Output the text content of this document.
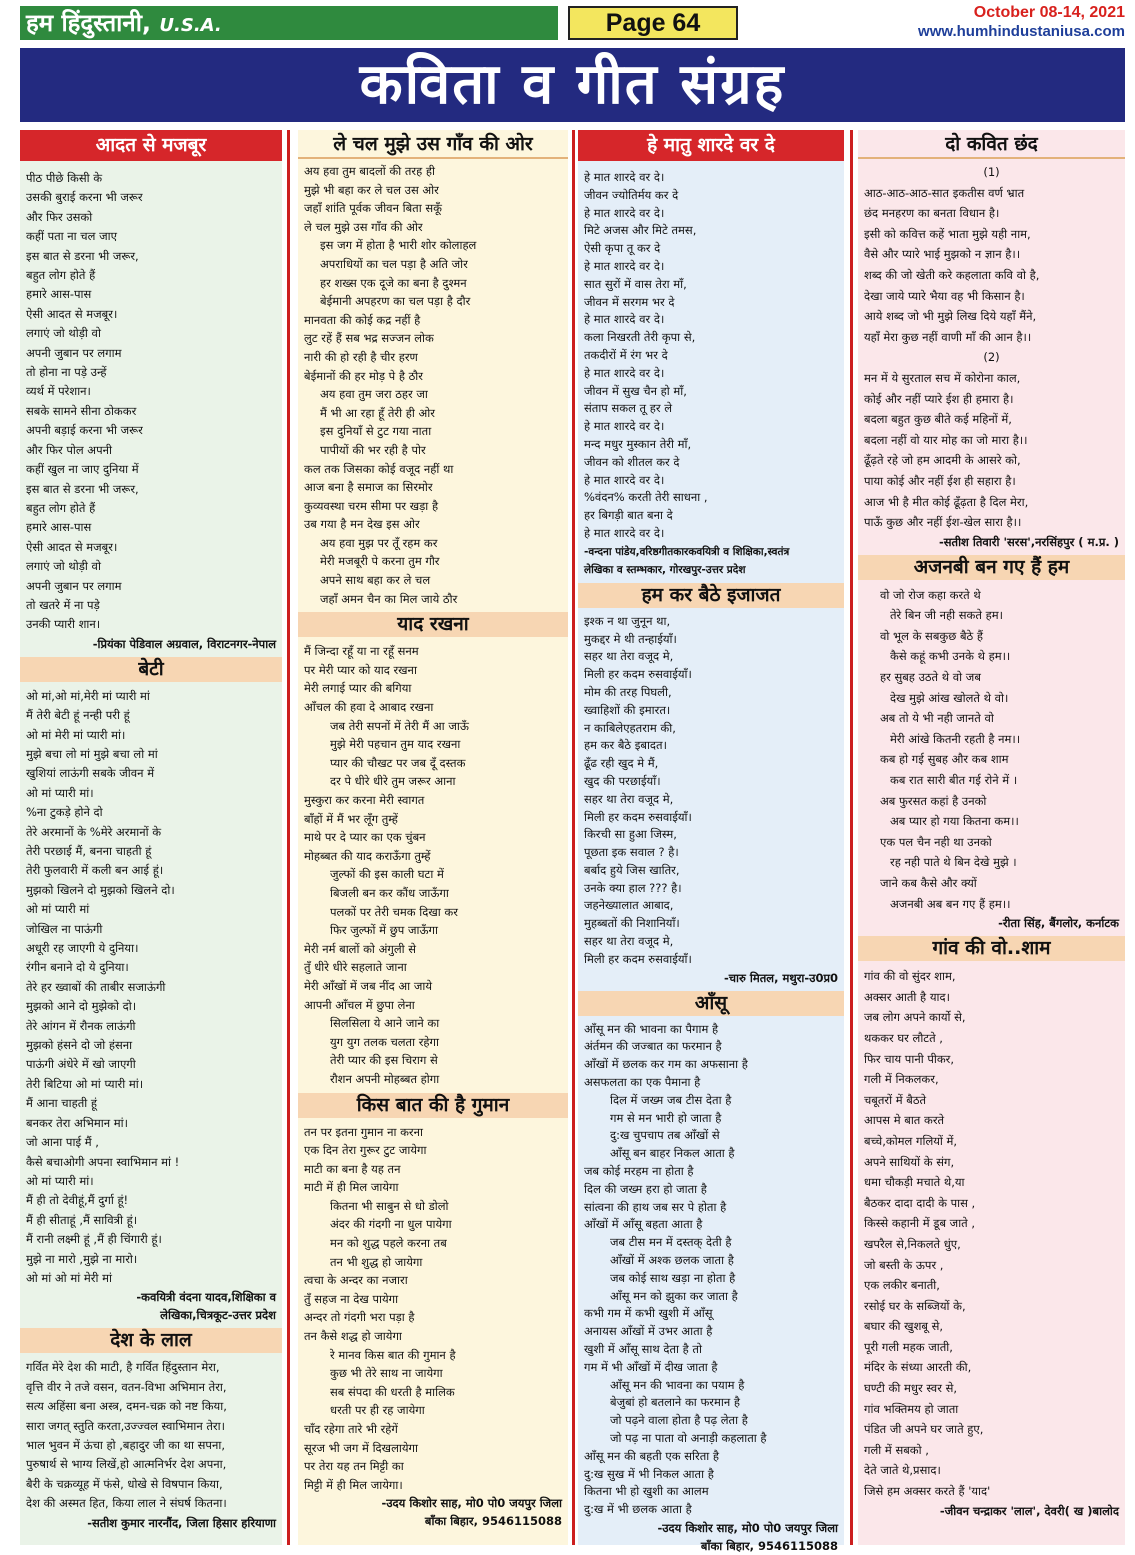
हम हिंदुस्तानी, U.S.A.	Page 64	October 08-14, 2021
www.humhindustaniusa.com
कविता व गीत संग्रह
आदत से मजबूर
पीठ पीछे किसी के
उसकी बुराई करना भी जरूर
और फिर उसको
कहीं पता ना चल जाए
इस बात से डरना भी जरूर,
बहुत लोग होते हैं
हमारे आस-पास
ऐसी आदत से मजबूर।
लगाएं जो थोड़ी वो
अपनी जुबान पर लगाम
तो होना ना पड़े उन्हें
व्यर्थ में परेशान।
सबके सामने सीना ठोककर
अपनी बड़ाई करना भी जरूर
और फिर पोल अपनी
कहीं खुल ना जाए दुनिया में
इस बात से डरना भी जरूर,
बहुत लोग होते हैं
हमारे आस-पास
ऐसी आदत से मजबूर।
लगाएं जो थोड़ी वो
अपनी जुबान पर लगाम
तो खतरे में ना पड़े
उनकी प्यारी शान।
-प्रियंका पेडिवाल अग्रवाल, विराटनगर-नेपाल
बेटी
ओ मां,ओ मां,मेरी मां प्यारी मां
मैं तेरी बेटी हूं नन्ही परी हूं
ओ मां मेरी मां प्यारी मां।
मुझे बचा लो मां मुझे बचा लो मां
खुशियां लाऊंगी सबके जीवन में
ओ मां प्यारी मां।
%ना टुकड़े होने दो
तेरे अरमानों के %मेरे अरमानों के
तेरी परछाई मैं, बनना चाहती हूं
तेरी फुलवारी में कली बन आई हूं।
मुझको खिलने दो मुझको खिलने दो।
ओ मां प्यारी मां
जोखिल ना पाऊंगी
अधूरी रह जाएगी ये दुनिया।
रंगीन बनाने दो ये दुनिया।
तेरे हर ख्वाबों की ताबीर सजाऊंगी
मुझको आने दो मुझेको दो।
तेरे आंगन में रौनक लाऊंगी
मुझको हंसने दो जो हंसना
पाऊंगी अंधेरे में खो जाएगी
तेरी बिटिया ओ मां प्यारी मां।
मैं आना चाहती हूं
बनकर तेरा अभिमान मां।
जो आना पाई मैं ,
कैसे बचाओगी अपना स्वाभिमान मां !
ओ मां प्यारी मां।
मैं ही तो देवीहूं,मैं दुर्गा हूं!
मैं ही सीताहूं ,मैं सावित्री हूं।
मैं रानी लक्ष्मी हूं ,मैं ही चिंगारी हूं।
मुझे ना मारो ,मुझे ना मारो।
ओ मां ओ मां मेरी मां
-कवयित्री वंदना यादव,शिक्षिका व
लेखिका,चित्रकूट-उत्तर प्रदेश
देश के लाल
गर्वित मेरे देश की माटी, है गर्वित हिंदुस्तान मेरा,
वृत्ति वीर ने तजे वसन, वतन-विभा अभिमान तेरा,
सत्य अहिंसा बना अस्त्र, दमन-चक्र को नष्ट किया,
सारा जगत् स्तुति करता,उज्ज्वल स्वाभिमान तेरा।
भाल भुवन में ऊंचा हो ,बहादुर जी का था सपना,
पुरुषार्थ से भाग्य लिखें,हो आत्मनिर्भर देश अपना,
बैरी के चक्रव्यूह में फंसे, धोखे से विषपान किया,
देश की अस्मत हित, किया लाल ने संघर्ष कितना।
-सतीश कुमार नारनौंद, जिला हिसार हरियाणा
ले चल मुझे उस गाँव की ओर
अय हवा तुम बादलों की तरह ही
मुझे भी बहा कर ले चल उस ओर
जहाँ शांति पूर्वक जीवन बिता सकूँ
ले चल मुझे उस गाँव की ओर
इस जग में होता है भारी शोर कोलाहल
अपराधियों का चल पड़ा है अति जोर
हर शख्स एक दूजे का बना है दुश्मन
बेईमानी अपहरण का चल पड़ा है दौर
मानवता की कोई कद्र नहीं है
लुट रहें हैं सब भद्र सज्जन लोक
नारी की हो रही है चीर हरण
बेईमानों की हर मोड़ पे है ठौर
अय हवा तुम जरा ठहर जा
मैं भी आ रहा हूँ तेरी ही ओर
इस दुनियाँ से टुट गया नाता
पापीयों की भर रही है पोर
कल तक जिसका कोई वजूद नहीं था
आज बना है समाज का सिरमोर
कुव्यवस्था चरम सीमा पर खड़ा है
उब गया है मन देख इस ओर
अय हवा मुझ पर तूँ रहम कर
मेरी मजबूरी पे करना तुम गौर
अपने साथ बहा कर ले चल
जहाँ अमन चैन का मिल जाये ठौर
याद रखना
मैं जिन्दा रहूँ या ना रहूँ सनम
पर मेरी प्यार को याद रखना
मेरी लगाई प्यार की बगिया
आँचल की हवा दे आबाद रखना
जब तेरी सपनों में तेरी मैं आ जाऊँ
मुझे मेरी पहचान तुम याद रखना
प्यार की चौखट पर जब दूँ दस्तक
दर पे धीरे धीरे तुम जरूर आना
मुस्कुरा कर करना मेरी स्वागत
बाँहों में मैं भर लूँग तुम्हें
माथे पर दे प्यार का एक चुंबन
मोहब्बत की याद कराऊँगा तुम्हें
जुल्फों की इस काली घटा में
बिजली बन कर कौंध जाऊँगा
पलकों पर तेरी चमक दिखा कर
फिर जुल्फों में छुप जाऊँगा
मेरी नर्म बालों को अंगुली से
तुँ धीरे धीरे सहलाते जाना
मेरी आँखों में जब नींद आ जाये
आपनी आँचल में छुपा लेना
सिलसिला ये आने जाने का
युग युग तलक चलता रहेगा
तेरी प्यार की इस चिराग से
रौशन अपनी मोहब्बत होगा
किस बात की है गुमान
तन पर इतना गुमान ना करना
एक दिन तेरा गुरूर टुट जायेगा
माटी का बना है यह तन
माटी में ही मिल जायेगा
कितना भी साबुन से धो डोलो
अंदर की गंदगी ना धुल पायेगा
मन को शुद्ध पहले करना तब
तन भी शुद्ध हो जायेगा
त्वचा के अन्दर का नजारा
तुँ सहज ना देख पायेगा
अन्दर तो गंदगी भरा पड़ा है
तन कैसे शद्ध हो जायेगा
रे मानव किस बात की गुमान है
कुछ भी तेरे साथ ना जायेगा
सब संपदा की धरती है मालिक
धरती पर ही रह जायेगा
चाँद रहेगा तारे भी रहेगें
सूरज भी जग में दिखलायेगा
पर तेरा यह तन मिट्टी का
मिट्टी में ही मिल जायेगा।
-उदय किशोर साह, मो0 पो0 जयपुर जिला
बाँका बिहार, 9546115088
हे मातु शारदे वर दे
हे मात शारदे वर दे।
जीवन ज्योतिर्मय कर दे
हे मात शारदे वर दे।
मिटे अजस और मिटे तमस,
ऐसी कृपा तू कर दे
हे मात शारदे वर दे।
सात सुरों में वास तेरा माँ,
जीवन में सरगम भर दे
हे मात शारदे वर दे।
कला निखरती तेरी कृपा से,
तकदीरों में रंग भर दे
हे मात शारदे वर दे।
जीवन में सुख चैन हो माँ,
संताप सकल तू हर ले
हे मात शारदे वर दे।
मन्द मधुर मुस्कान तेरी माँ,
जीवन को शीतल कर दे
हे मात शारदे वर दे।
%वंदन% करती तेरी साधना ,
हर बिगड़ी बात बना दे
हे मात शारदे वर दे।
-वन्दना पांडेय,वरिष्ठगीतकारकवयित्री व शिक्षिका,स्वतंत्र
लेखिका व स्तम्भकार, गोरखपुर-उत्तर प्रदेश
हम कर बैठे इजाजत
इश्क न था जुनून था,
मुकद्दर मे थी तन्हाईयाँ।
सहर था तेरा वजूद मे,
मिली हर कदम रुसवाईयाँ।
मोम की तरह पिघली,
ख्वाहिशों की इमारत।
न काबिलेएहतराम की,
हम कर बैठे इबादत।
ढूँढ रही खुद मे मैं,
खुद की परछाईयाँ।
सहर था तेरा वजूद मे,
मिली हर कदम रुसवाईयाँ।
किरची सा हुआ जिस्म,
पूछता इक सवाल ? है।
बर्बाद हुये जिस खातिर,
उनके क्या हाल ??? है।
जहनेख्यालात आबाद,
मुहब्बतों की निशानियाँ।
सहर था तेरा वजूद मे,
मिली हर कदम रुसवाईयाँ।
-चारु मितल, मथुरा-उ0प्र0
आँसू
आँसू मन की भावना का पैगाम है
अंर्तमन की जज्बात का फरमान है
आँखों में छलक कर गम का अफसाना है
असफलता का एक पैमाना है
दिल में जख्म जब टीस देता है
गम से मन भारी हो जाता है
दु:ख चुपचाप तब आँखों से
आँसू बन बाहर निकल आता है
जब कोई मरहम ना होता है
दिल की जख्म हरा हो जाता है
सांत्वना की हाथ जब सर पे होता है
आँखों में आँसू बहता आता है
जब टीस मन में दस्तक् देती है
आँखों में अश्क छलक जाता है
जब कोई साथ खड़ा ना होता है
आँसू मन को झुका कर जाता है
कभी गम में कभी खुशी में आँसू
अनायस आँखों में उभर आता है
खुशी में आँसू साथ देता है तो
गम में भी आँखों में दीख जाता है
आँसू मन की भावना का पयाम है
बेजुबां हो बतलाने का फरमान है
जो पढ़ने वाला होता है पढ़ लेता है
जो पढ़ ना पाता वो अनाड़ी कहलाता है
आँसू मन की बहती एक सरिता है
दु:ख सुख में भी निकल आता है
कितना भी हो खुशी का आलम
दु:ख में भी छलक आता है
-उदय किशोर साह, मो0 पो0 जयपुर जिला
बाँका बिहार, 9546115088
दो कवित छंद
(1)
आठ-आठ-आठ-सात इकतीस वर्ण भ्रात
छंद मनहरण का बनता विधान है।
इसी को कवित्त कहें भाता मुझे यही नाम,
वैसे और प्यारे भाई मुझको न ज्ञान है।।
शब्द की जो खेती करे कहलाता कवि वो है,
देखा जाये प्यारे भैया वह भी किसान है।
आये शब्द जो भी मुझे लिख दिये यहाँ मैंने,
यहाँ मेरा कुछ नहीं वाणी माँ की आन है।।
(2)
मन में ये सुरताल सच में कोरोना काल,
कोई और नहीं प्यारे ईश ही हमारा है।
बदला बहुत कुछ बीते कई महिनों में,
बदला नहीं वो यार मोह का जो मारा है।।
ढूँढ़ते रहे जो हम आदमी के आसरे को,
पाया कोई और नहीं ईश ही सहारा है।
आज भी है मीत कोई ढूँढ़ता है दिल मेरा,
पाऊँ कुछ और नहीं ईश-खेल सारा है।।
-सतीश तिवारी 'सरस',नरसिंहपुर ( म.प्र. )
अजनबी बन गए हैं हम
वो जो रोज कहा करते थे
तेरे बिन जी नही सकते हम।
वो भूल के सबकुछ बैठे हैं
कैसे कहूं कभी उनके थे हम।।
हर सुबह उठते थे वो जब
देख मुझे आंख खोलते थे वो।
अब तो ये भी नही जानते वो
मेरी आंखे कितनी रहती है नम।।
कब हो गई सुबह और कब शाम
कब रात सारी बीत गई रोने में ।
अब फुरसत कहां है उनको
अब प्यार हो गया कितना कम।।
एक पल चैन नही था उनको
रह नही पाते थे बिन देखे मुझे ।
जाने कब कैसे और क्यों
अजनबी अब बन गए हैं हम।।
-रीता सिंह, बैंगलोर, कर्नाटक
गांव की वो..शाम
गांव की वो सुंदर शाम,
अक्सर आती है याद।
जब लोग अपने कार्यो से,
थककर घर लौटते ,
फिर चाय पानी पीकर,
गली में निकलकर,
चबूतरों में बैठते
आपस मे बात करते
बच्चे,कोमल गलियों में,
अपने साथियों के संग,
धमा चौकड़ी मचाते थे,या
बैठकर दादा दादी के पास ,
किस्से कहानी में डूब जाते ,
खपरैल से,निकलते धुंए,
जो बस्ती के ऊपर ,
एक लकीर बनाती,
रसोई घर के सब्जियों के,
बघार की खुशबू से,
पूरी गली महक जाती,
मंदिर के संध्या आरती की,
घण्टी की मधुर स्वर से,
गांव भक्तिमय हो जाता
पंडित जी अपने घर जाते हुए,
गली में सबको ,
देते जाते थे,प्रसाद।
जिसे हम अक्सर करते हैं 'याद'
-जीवन चन्द्राकर 'लाल', देवरी( ख )बालोद
